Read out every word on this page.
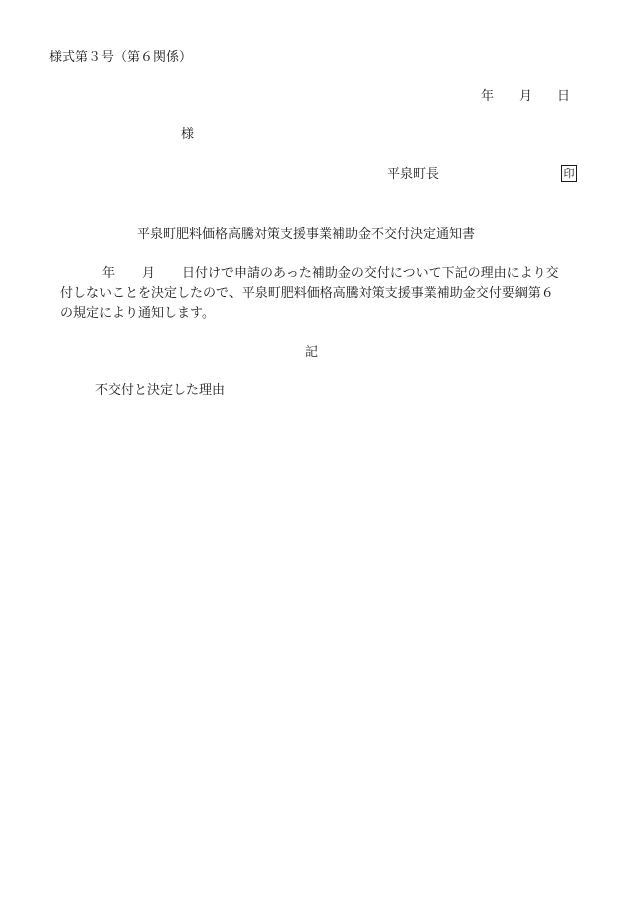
様式第３号（第６関係）
年 月 日
様
平泉町長	印
平泉町肥料価格高騰対策支援事業補助金不交付決定通知書
年 月 日付けで申請のあった補助金の交付について下記の理由により交
付しないことを決定したので、平泉町肥料価格高騰対策支援事業補助金交付要綱第６
の規定により通知します。
記
不交付と決定した理由
